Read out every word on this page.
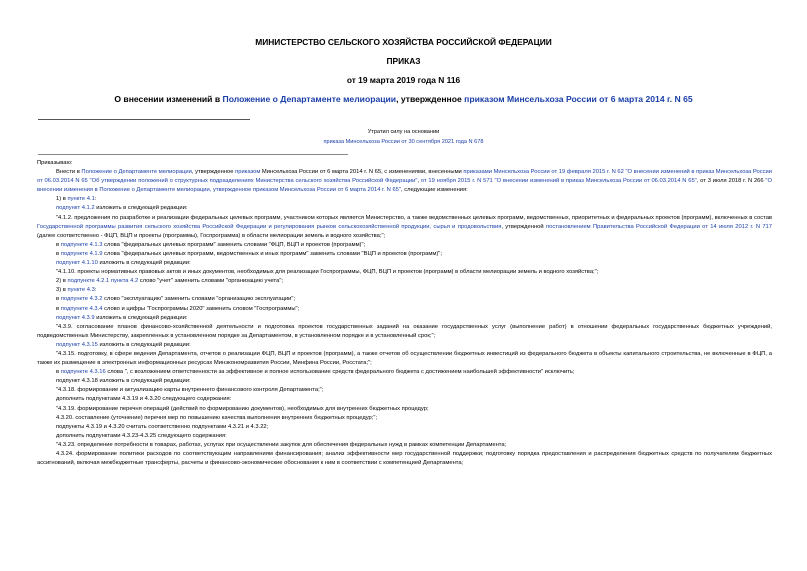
МИНИСТЕРСТВО СЕЛЬСКОГО ХОЗЯЙСТВА РОССИЙСКОЙ ФЕДЕРАЦИИ
ПРИКАЗ
от 19 марта 2019 года N 116
О внесении изменений в Положение о Департаменте мелиорации, утвержденное приказом Минсельхоза России от 6 марта 2014 г. N 65
Утратил силу на основании
приказа Минсельхоза России от 30 сентября 2021 года N 678

Приказываю:

Внести в Положение о Департаменте мелиорации, утвержденное приказом Минсельхоза России от 6 марта 2014 г. N 65, с изменениями, внесенными приказами Минсельхоза России от 19 февраля 2015 г. N 62 "О внесении изменений в приказ Минсельхоза России от 06.03.2014 N 65 "Об утверждении положений о структурных подразделениях Министерства сельского хозяйства Российской Федерации", от 19 ноября 2015 г. N 571 "О внесении изменений в приказ Минсельхоза России от 06.03.2014 N 65", от 3 июля 2018 г. N 266 "О внесении изменения в Положение о Департаменте мелиорации, утвержденное приказом Минсельхоза России от 6 марта 2014 г. N 65", следующие изменения:

1) в пункте 4.1:

подпункт 4.1.2 изложить в следующей редакции:

"4.1.2. предложения по разработке и реализации федеральных целевых программ, участником которых является Министерство, а также ведомственных целевых программ, ведомственных, приоритетных и федеральных проектов (программ), включенных в состав Государственной программы развития сельского хозяйства Российской Федерации и регулирования рынков сельскохозяйственной продукции, сырья и продовольствия, утвержденной постановлением Правительства Российской Федерации от 14 июля 2012 г. N 717 (далее соответственно - ФЦП, ВЦП и проекты (программы), Госпрограмма) в области мелиорации земель и водного хозяйства;";

в подпункте 4.1.3 слова "федеральных целевых программ" заменить словами "ФЦП, ВЦП и проектов (программ)";

в подпункте 4.1.9 слова "федеральных целевых программ, ведомственных и иных программ" заменить словами "ВЦП и проектов (программ)";

подпункт 4.1.10 изложить в следующей редакции:

"4.1.10. проекты нормативных правовых актов и иных документов, необходимых для реализации Госпрограммы, ФЦП, ВЦП и проектов (программ) в области мелиорации земель и водного хозяйства;";

2) в подпункте 4.2.1 пункта 4.2 слово "учет" заменить словами "организацию учета";

3) в пункте 4.3:

в подпункте 4.3.2 слово "эксплуатацию" заменить словами "организацию эксплуатации";

в подпункте 4.3.4 слово и цифры "Госпрограммы 2020" заменить словом "Госпрограммы";

подпункт 4.3.9 изложить в следующей редакции:

"4.3.9. согласование планов финансово-хозяйственной деятельности и подготовка проектов государственных заданий на оказание государственных услуг (выполнение работ) в отношении федеральных государственных бюджетных учреждений, подведомственных Министерству, закрепленных в установленном порядке за Департаментом, в установленном порядке и в установленный срок;";

подпункт 4.3.15 изложить в следующей редакции:

"4.3.15. подготовку, в сфере ведения Департамента, отчетов о реализации ФЦП, ВЦП и проектов (программ), а также отчетов об осуществлении бюджетных инвестиций из федерального бюджета в объекты капитального строительства, не включенные в ФЦП, а также их размещение в электронных информационных ресурсах Минэкономразвития России, Минфина России, Росстата;";

в подпункте 4.3.16 слова ", с возложением ответственности за эффективное и полное использование средств федерального бюджета с достижением наибольшей эффективности" исключить;

подпункт 4.3.18 изложить в следующей редакции:

"4.3.18. формирование и актуализацию карты внутреннего финансового контроля Департамента;";

дополнить подпунктами 4.3.19 и 4.3.20 следующего содержания:

"4.3.19. формирование перечня операций (действий по формированию документов), необходимых для внутренних бюджетных процедур;

4.3.20. составление (уточнение) перечня мер по повышению качества выполнения внутренних бюджетных процедур;";

подпункты 4.3.19 и 4.3.20 считать соответственно подпунктами 4.3.21 и 4.3.22;

дополнить подпунктами 4.3.23-4.3.25 следующего содержания:

"4.3.23. определение потребности в товарах, работах, услугах при осуществлении закупок для обеспечения федеральных нужд в рамках компетенции Департамента;

4.3.24. формирование политики расходов по соответствующим направлениям финансирования; анализ эффективности мер государственной поддержки; подготовку порядка предоставления и распределения бюджетных средств по получателям бюджетных ассигнований, включая межбюджетные трансферты, расчеты и финансово-экономические обоснования к ним в соответствии с компетенцией Департамента;
